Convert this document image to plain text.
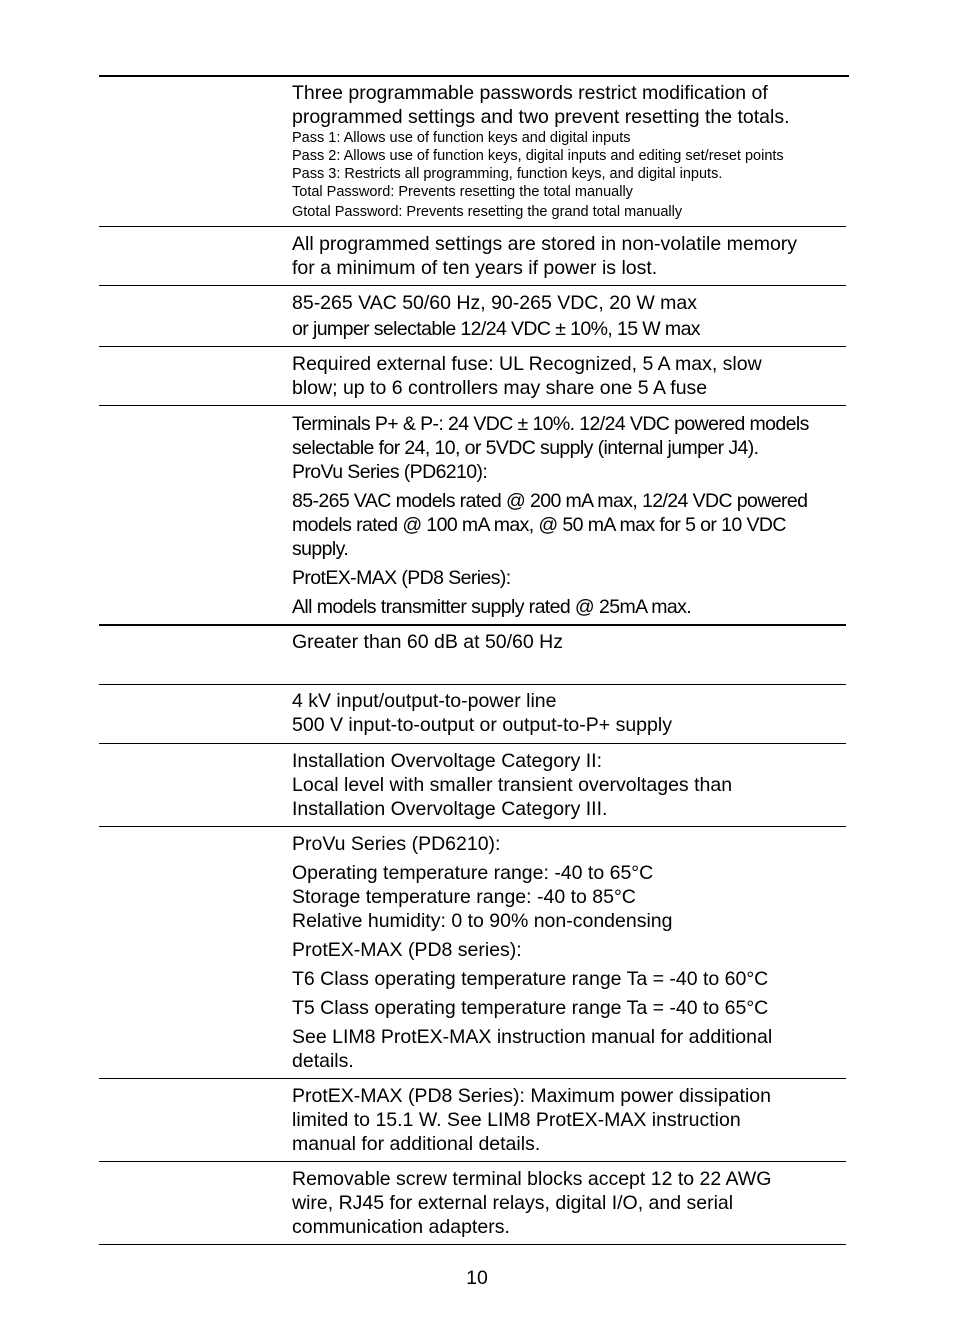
Three programmable passwords restrict modification of
programmed settings and two prevent resetting the totals.
Pass 1: Allows use of function keys and digital inputs
Pass 2: Allows use of function keys, digital inputs and editing set/reset points
Pass 3: Restricts all programming, function keys, and digital inputs.
Total Password: Prevents resetting the total manually
Gtotal Password: Prevents resetting the grand total manually
All programmed settings are stored in non-volatile memory
for a minimum of ten years if power is lost.
85-265 VAC 50/60 Hz, 90-265 VDC, 20 W max
or jumper selectable 12/24 VDC ± 10%, 15 W max
Required external fuse: UL Recognized, 5 A max, slow
blow; up to 6 controllers may share one 5 A fuse
Terminals P+ & P-: 24 VDC ± 10%. 12/24 VDC powered models
selectable for 24, 10, or 5VDC supply (internal jumper J4).
ProVu Series (PD6210):
85-265 VAC models rated @ 200 mA max, 12/24 VDC powered
models rated @ 100 mA max, @ 50 mA max for 5 or 10 VDC
supply.
ProtEX-MAX (PD8 Series):
All models transmitter supply rated @ 25mA max.
Greater than 60 dB at 50/60 Hz
4 kV input/output-to-power line
500 V input-to-output or output-to-P+ supply
Installation Overvoltage Category II:
Local level with smaller transient overvoltages than
Installation Overvoltage Category III.
ProVu Series (PD6210):
Operating temperature range: -40 to 65°C
Storage temperature range: -40 to 85°C
Relative humidity: 0 to 90% non-condensing
ProtEX-MAX (PD8 series):
T6 Class operating temperature range Ta = -40 to 60°C
T5 Class operating temperature range Ta = -40 to 65°C
See LIM8 ProtEX-MAX instruction manual for additional
details.
ProtEX-MAX (PD8 Series): Maximum power dissipation
limited to 15.1 W. See LIM8 ProtEX-MAX instruction
manual for additional details.
Removable screw terminal blocks accept 12 to 22 AWG
wire, RJ45 for external relays, digital I/O, and serial
communication adapters.
10
